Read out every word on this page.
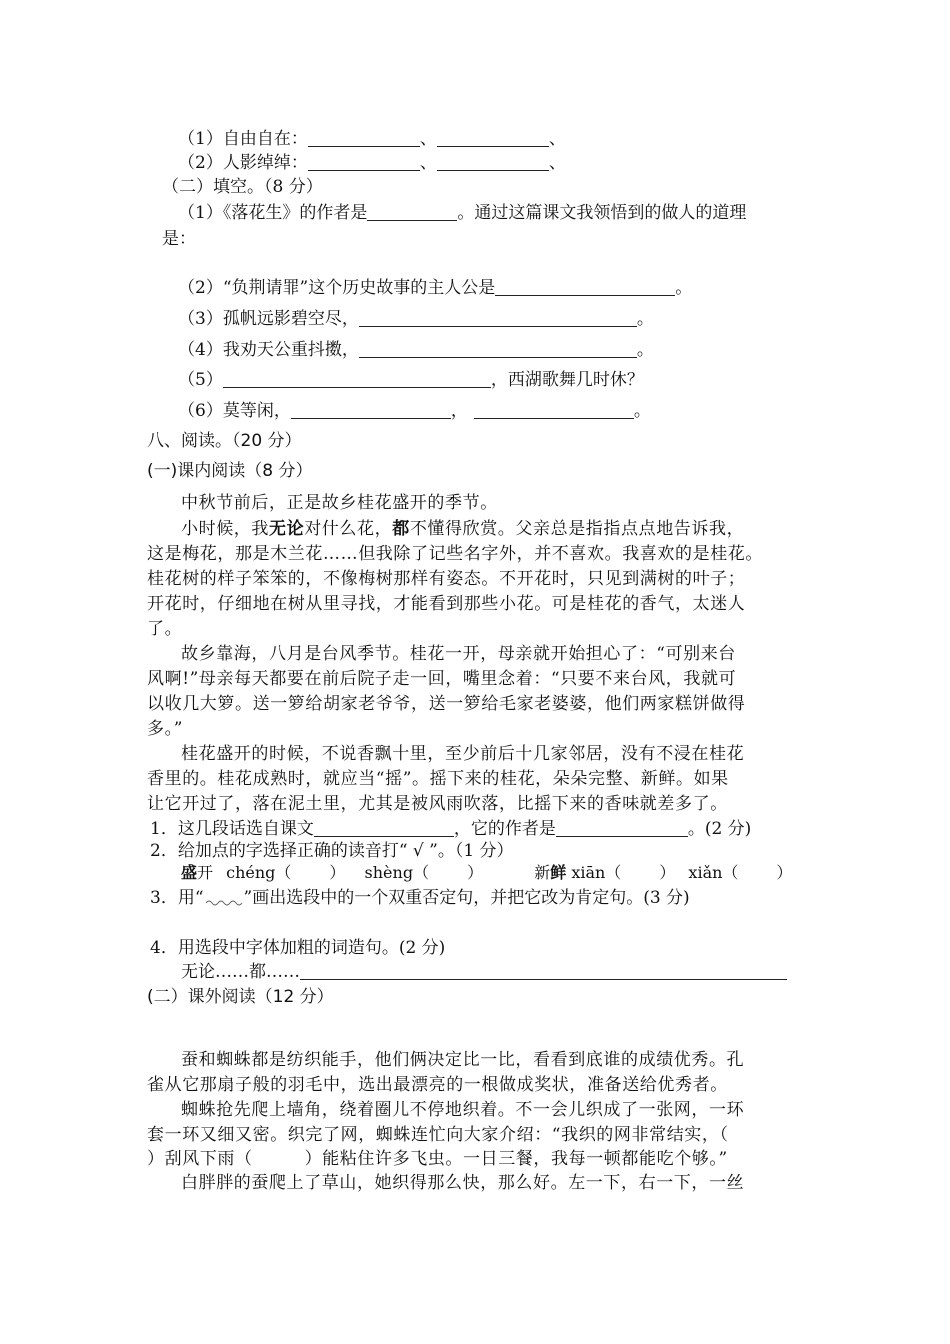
（1）自由自在：	、	、
（2）人影绰绰：	、	、
（二）填空。（8 分）
（1）《落花生》的作者是	。通过这篇课文我领悟到的做人的道理
是：
（2）“负荆请罪”这个历史故事的主人公是	。
（3）孤帆远影碧空尽，	。
（4）我劝天公重抖擞，	。
（5）	，西湖歌舞几时休？
（6）莫等闲，	，	。
八、阅读。（20 分）
(一)课内阅读（8 分）
中秋节前后，正是故乡桂花盛开的季节。
小时候，我无论对什么花，都不懂得欣赏。父亲总是指指点点地告诉我，
这是梅花，那是木兰花……但我除了记些名字外，并不喜欢。我喜欢的是桂花。
桂花树的样子笨笨的，不像梅树那样有姿态。不开花时，只见到满树的叶子；
开花时，仔细地在树从里寻找，才能看到那些小花。可是桂花的香气，太迷人
了。
故乡靠海，八月是台风季节。桂花一开，母亲就开始担心了：“可别来台
风啊!”母亲每天都要在前后院子走一回，嘴里念着：“只要不来台风，我就可
以收几大箩。送一箩给胡家老爷爷，送一箩给毛家老婆婆，他们两家糕饼做得
多。”
桂花盛开的时候，不说香飘十里，至少前后十几家邻居，没有不浸在桂花
香里的。桂花成熟时，就应当“摇”。摇下来的桂花，朵朵完整、新鲜。如果
让它开过了，落在泥土里，尤其是被风雨吹落，比摇下来的香味就差多了。
1．这几段话选自课文	，它的作者是	。(2 分)
2．给加点的字选择正确的读音打“ √ ”。（1 分）
盛开 chéng（ ） shèng（ ）	新鲜 xiān（ ） xiǎn（ ）
3．用“ ”画出选段中的一个双重否定句，并把它改为肯定句。(3 分)
4．用选段中字体加粗的词造句。(2 分)
无论……都……
(二）课外阅读（12 分）
蚕和蜘蛛都是纺织能手，他们俩决定比一比，看看到底谁的成绩优秀。孔
雀从它那扇子般的羽毛中，选出最漂亮的一根做成奖状，准备送给优秀者。
蜘蛛抢先爬上墙角，绕着圈儿不停地织着。不一会儿织成了一张网，一环
套一环又细又密。织完了网，蜘蛛连忙向大家介绍：“我织的网非常结实，（
）刮风下雨（	）能粘住许多飞虫。一日三餐，我每一顿都能吃个够。”
白胖胖的蚕爬上了草山，她织得那么快，那么好。左一下，右一下，一丝
